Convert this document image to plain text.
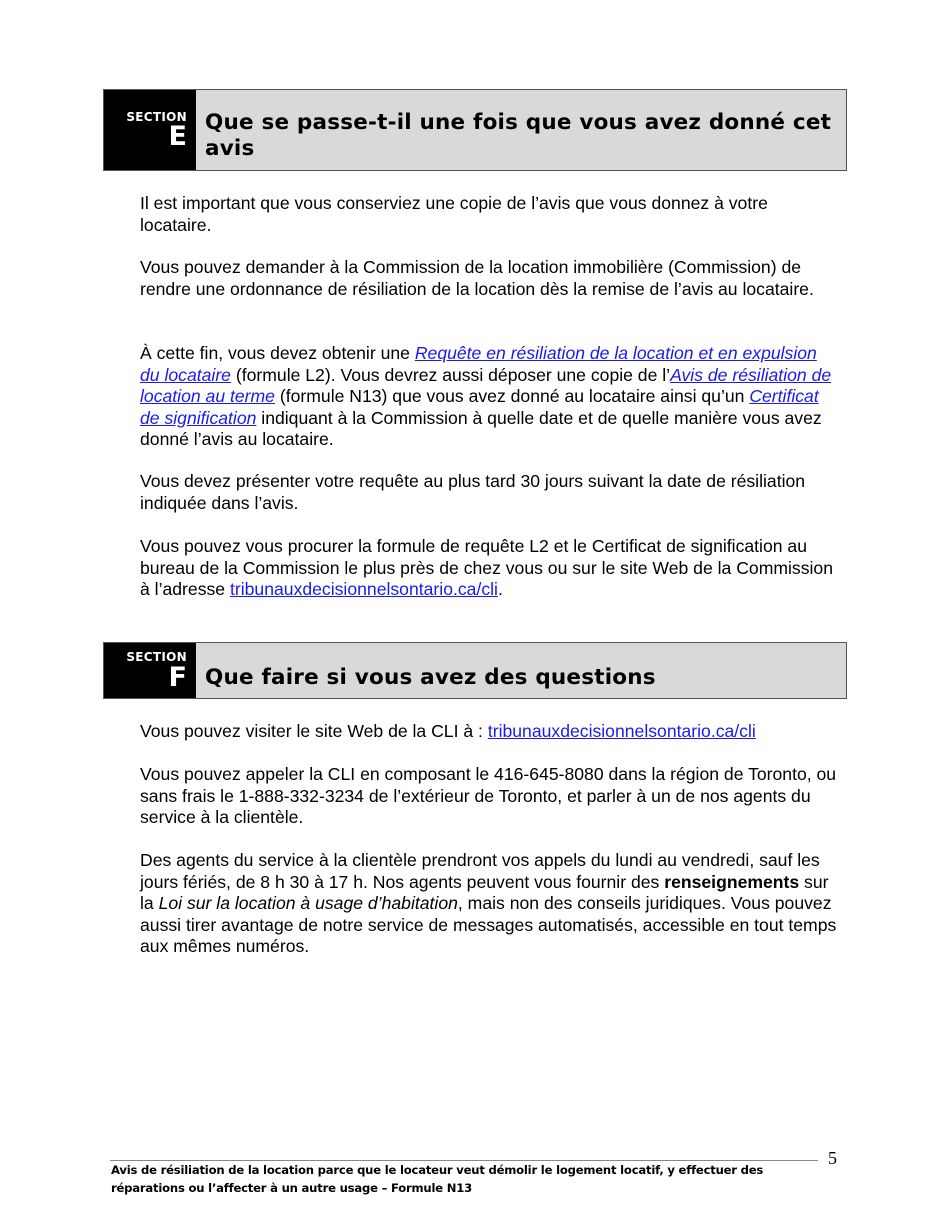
SECTION
E Que se passe-t-il une fois que vous avez donné cet avis

Il est important que vous conserviez une copie de l’avis que vous donnez à votre locataire.

Vous pouvez demander à la Commission de la location immobilière (Commission) de rendre une ordonnance de résiliation de la location dès la remise de l’avis au locataire.

À cette fin, vous devez obtenir une Requête en résiliation de la location et en expulsion du locataire (formule L2). Vous devrez aussi déposer une copie de l’Avis de résiliation de location au terme (formule N13) que vous avez donné au locataire ainsi qu’un Certificat de signification indiquant à la Commission à quelle date et de quelle manière vous avez donné l’avis au locataire.

Vous devez présenter votre requête au plus tard 30 jours suivant la date de résiliation indiquée dans l’avis.

Vous pouvez vous procurer la formule de requête L2 et le Certificat de signification au bureau de la Commission le plus près de chez vous ou sur le site Web de la Commission à l’adresse tribunauxdecisionnelsontario.ca/cli.

SECTION
F Que faire si vous avez des questions

Vous pouvez visiter le site Web de la CLI à : tribunauxdecisionnelsontario.ca/cli

Vous pouvez appeler la CLI en composant le 416-645-8080 dans la région de Toronto, ou sans frais le 1-888-332-3234 de l’extérieur de Toronto, et parler à un de nos agents du service à la clientèle.

Des agents du service à la clientèle prendront vos appels du lundi au vendredi, sauf les jours fériés, de 8 h 30 à 17 h. Nos agents peuvent vous fournir des renseignements sur la Loi sur la location à usage d’habitation, mais non des conseils juridiques. Vous pouvez aussi tirer avantage de notre service de messages automatisés, accessible en tout temps aux mêmes numéros.

5
Avis de résiliation de la location parce que le locateur veut démolir le logement locatif, y effectuer des réparations ou l’affecter à un autre usage – Formule N13
